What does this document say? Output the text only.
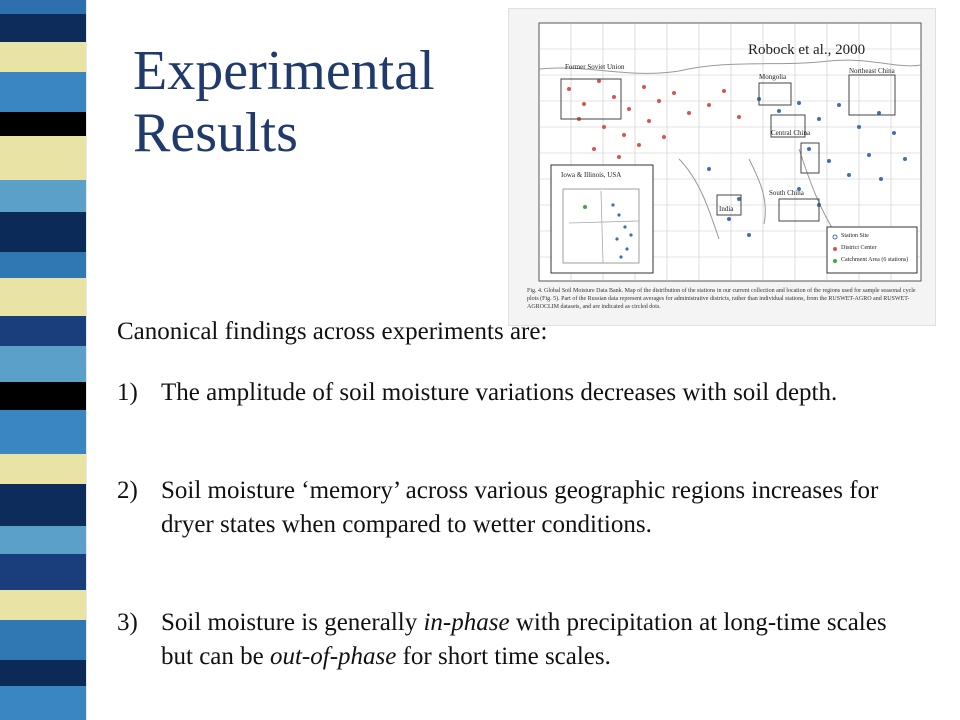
Experimental
Results
Former Soviet Union
Mongolia
Northeast China
Central China
South China
India
Iowa & Illinois, USA
Station Site
District Center
Catchment Area (6 stations)
Fig. 4. Global Soil Moisture Data Bank. Map of the distribution of the stations in our current collection and location of the regions used for sample seasonal cycle plots (Fig. 5). Part of the Russian data represent averages for administrative districts, rather than individual stations, from the RUSWET-AGRO and RUSWET-AGROCLIM datasets, and are indicated as circled dots.
Robock et al., 2000

Canonical findings across experiments are:

1) The amplitude of soil moisture variations decreases with soil depth.
2) Soil moisture ‘memory’ across various geographic regions increases for dryer states when compared to wetter conditions.
3) Soil moisture is generally in-phase with precipitation at long-time scales but can be out-of-phase for short time scales.
